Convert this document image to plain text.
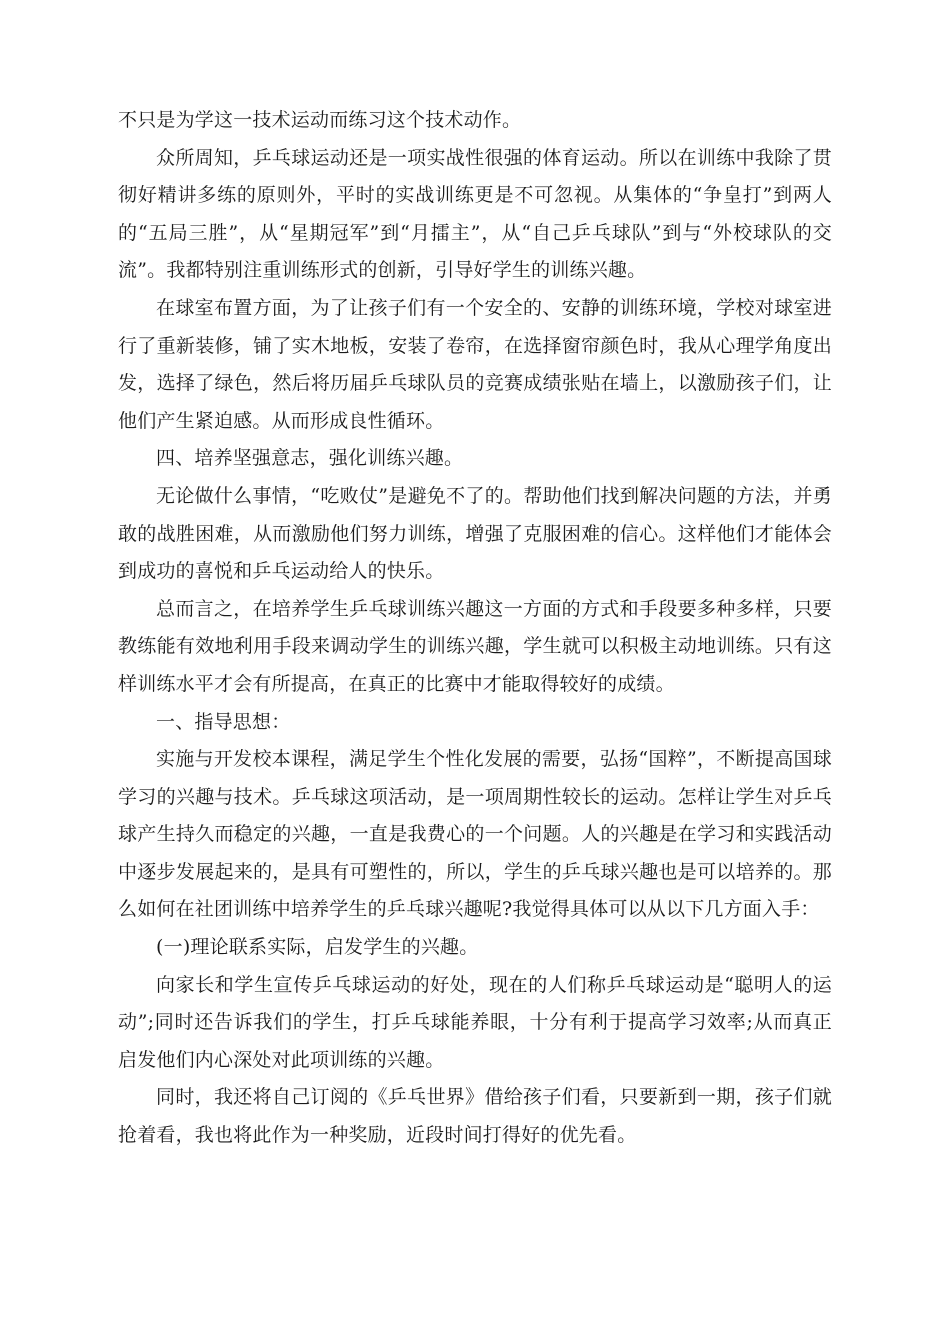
不只是为学这一技术运动而练习这个技术动作。

众所周知，乒乓球运动还是一项实战性很强的体育运动。所以在训练中我除了贯彻好精讲多练的原则外，平时的实战训练更是不可忽视。从集体的“争皇打”到两人的“五局三胜”，从“星期冠军”到“月擂主”，从“自己乒乓球队”到与“外校球队的交流”。我都特别注重训练形式的创新，引导好学生的训练兴趣。

在球室布置方面，为了让孩子们有一个安全的、安静的训练环境，学校对球室进行了重新装修，铺了实木地板，安装了卷帘，在选择窗帘颜色时，我从心理学角度出发，选择了绿色，然后将历届乒乓球队员的竞赛成绩张贴在墙上，以激励孩子们，让他们产生紧迫感。从而形成良性循环。

四、培养坚强意志，强化训练兴趣。

无论做什么事情，“吃败仗”是避免不了的。帮助他们找到解决问题的方法，并勇敢的战胜困难，从而激励他们努力训练，增强了克服困难的信心。这样他们才能体会到成功的喜悦和乒乓运动给人的快乐。

总而言之，在培养学生乒乓球训练兴趣这一方面的方式和手段要多种多样，只要教练能有效地利用手段来调动学生的训练兴趣，学生就可以积极主动地训练。只有这样训练水平才会有所提高，在真正的比赛中才能取得较好的成绩。

一、指导思想：

实施与开发校本课程，满足学生个性化发展的需要，弘扬“国粹”，不断提高国球学习的兴趣与技术。乒乓球这项活动，是一项周期性较长的运动。怎样让学生对乒乓球产生持久而稳定的兴趣，一直是我费心的一个问题。人的兴趣是在学习和实践活动中逐步发展起来的，是具有可塑性的，所以，学生的乒乓球兴趣也是可以培养的。那么如何在社团训练中培养学生的乒乓球兴趣呢?我觉得具体可以从以下几方面入手：

(一)理论联系实际，启发学生的兴趣。

向家长和学生宣传乒乓球运动的好处，现在的人们称乒乓球运动是“聪明人的运动”;同时还告诉我们的学生，打乒乓球能养眼，十分有利于提高学习效率;从而真正启发他们内心深处对此项训练的兴趣。

同时，我还将自己订阅的《乒乓世界》借给孩子们看，只要新到一期，孩子们就抢着看，我也将此作为一种奖励，近段时间打得好的优先看。
